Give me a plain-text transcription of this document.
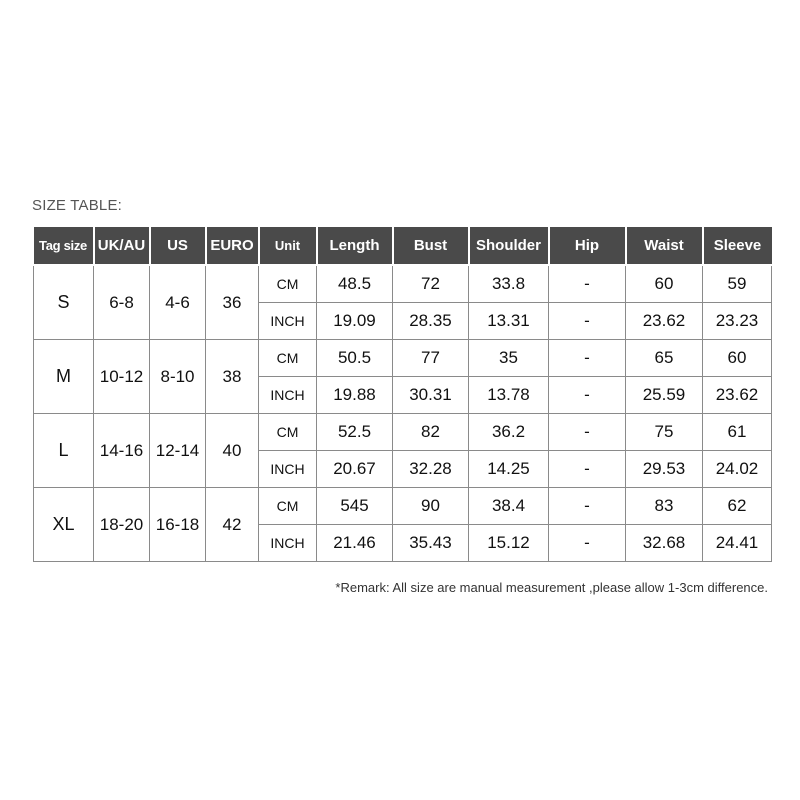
SIZE TABLE:
Tag size	UK/AU	US	EURO	Unit	Length	Bust	Shoulder	Hip	Waist	Sleeve
S	6-8	4-6	36	CM	48.5	72	33.8	-	60	59
				INCH	19.09	28.35	13.31	-	23.62	23.23
M	10-12	8-10	38	CM	50.5	77	35	-	65	60
				INCH	19.88	30.31	13.78	-	25.59	23.62
L	14-16	12-14	40	CM	52.5	82	36.2	-	75	61
				INCH	20.67	32.28	14.25	-	29.53	24.02
XL	18-20	16-18	42	CM	545	90	38.4	-	83	62
				INCH	21.46	35.43	15.12	-	32.68	24.41
*Remark: All size are manual measurement ,please allow 1-3cm difference.
